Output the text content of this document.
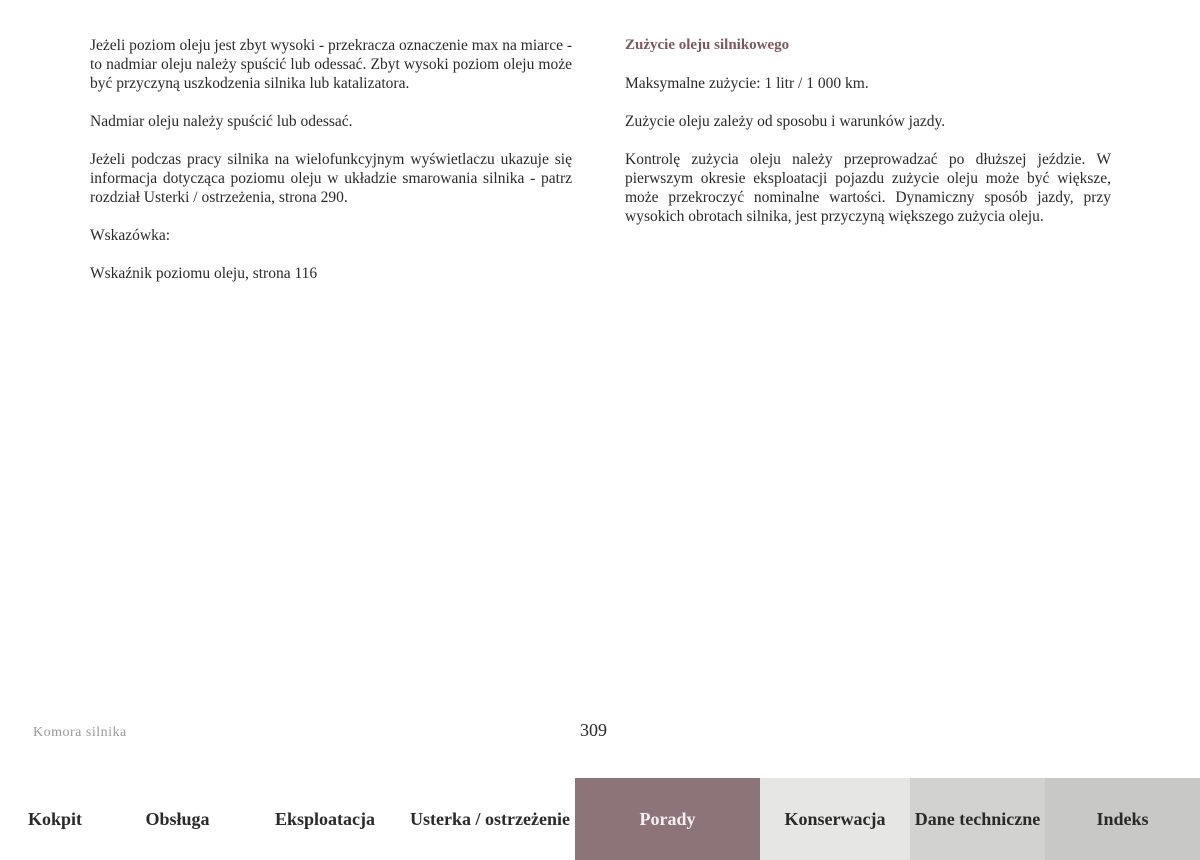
Jeżeli poziom oleju jest zbyt wysoki - przekracza oznaczenie max na miarce - to nadmiar oleju należy spuścić lub odessać. Zbyt wysoki poziom oleju może być przyczyną uszkodzenia silnika lub katalizatora.

Nadmiar oleju należy spuścić lub odessać.

Jeżeli podczas pracy silnika na wielofunkcyjnym wyświetlaczu ukazuje się informacja dotycząca poziomu oleju w układzie smarowania silnika - patrz rozdział Usterki / ostrzeżenia, strona 290.

Wskazówka:

Wskaźnik poziomu oleju, strona 116

Zużycie oleju silnikowego

Maksymalne zużycie: 1 litr / 1 000 km.

Zużycie oleju zależy od sposobu i warunków jazdy.

Kontrolę zużycia oleju należy przeprowadzać po dłuższej jeździe. W pierwszym okresie eksploatacji pojazdu zużycie oleju może być większe, może przekroczyć nominalne wartości. Dynamiczny sposób jazdy, przy wysokich obrotach silnika, jest przyczyną większego zużycia oleju.

Komora silnika	309
Kokpit	Obsługa	Eksploatacja	Usterka / ostrzeżenie	Porady	Konserwacja	Dane techniczne	Indeks
